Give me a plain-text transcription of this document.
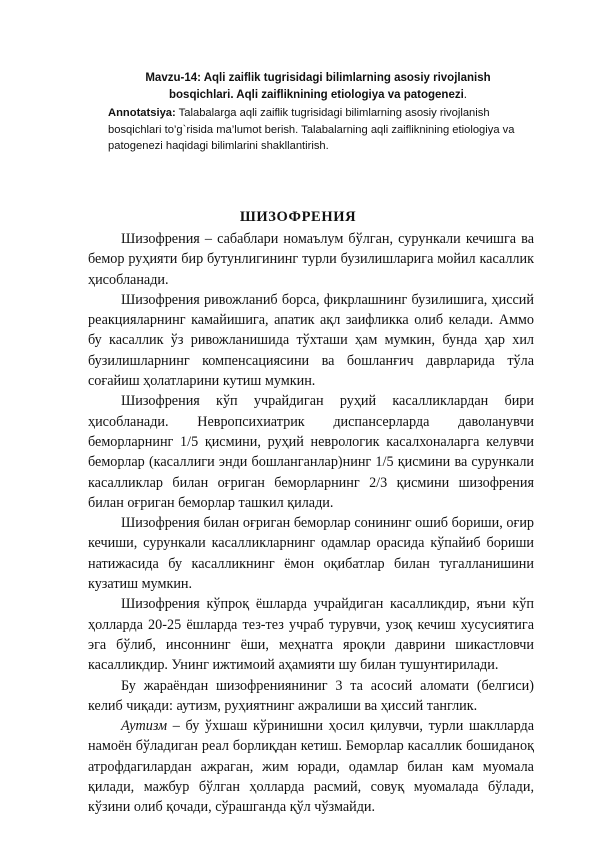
Mavzu-14: Aqli zaiflik tugrisidagi bilimlarning asosiy rivojlanish
bosqichlari. Aqli zaifliknining etiologiya va patogenezi.

Annotatsiya: Talabalarga aqli zaiflik tugrisidagi bilimlarning asosiy rivojlanish bosqichlari to’g`risida ma’lumot berish. Talabalarning aqli zaifliknining etiologiya va patogenezi haqidagi bilimlarini shakllantirish.

ШИЗОФРЕНИЯ

Шизофрения – сабаблари номаълум бўлган, сурункали кечишга ва бемор руҳияти бир бутунлигининг турли бузилишларига мойил касаллик ҳисобланади.

Шизофрения ривожланиб борса, фикрлашнинг бузилишига, ҳиссий реакцияларнинг камайишига, апатик ақл заифликка олиб келади. Аммо бу касаллик ўз ривожланишида тўхташи ҳам мумкин, бунда ҳар хил бузилишларнинг компенсациясини ва бошланғич даврларида тўла соғайиш ҳолатларини кутиш мумкин.

Шизофрения кўп учрайдиган руҳий касалликлардан бири ҳисобланади. Невропсихиатрик диспансерларда даволанувчи беморларнинг 1/5 қисмини, руҳий неврологик касалхоналарга келувчи беморлар (касаллиги энди бошланганлар)нинг 1/5 қисмини ва сурункали касалликлар билан оғриган беморларнинг 2/3 қисмини шизофрения билан оғриган беморлар ташкил қилади.

Шизофрения билан оғриган беморлар сонининг ошиб бориши, оғир кечиши, сурункали касалликларнинг одамлар орасида кўпайиб бориши натижасида бу касалликнинг ёмон оқибатлар билан тугалланишини кузатиш мумкин.

Шизофрения кўпроқ ёшларда учрайдиган касалликдир, яъни кўп ҳолларда 20-25 ёшларда тез-тез учраб турувчи, узоқ кечиш хусусиятига эга бўлиб, инсоннинг ёши, меҳнатга яроқли даврини шикастловчи касалликдир. Унинг ижтимоий аҳамияти шу билан тушунтирилади.

Бу жараёндан шизофренияниниг 3 та асосий аломати (белгиси) келиб чиқади: аутизм, руҳиятнинг ажралиши ва ҳиссий танглик.

Аутизм – бу ўхшаш кўринишни ҳосил қилувчи, турли шаклларда намоён бўладиган реал борлиқдан кетиш. Беморлар касаллик бошиданоқ атрофдагилардан ажраган, жим юради, одамлар билан кам муомала қилади, мажбур бўлган ҳолларда расмий, совуқ муомалада бўлади, кўзини олиб қочади, сўрашганда қўл чўзмайди.
